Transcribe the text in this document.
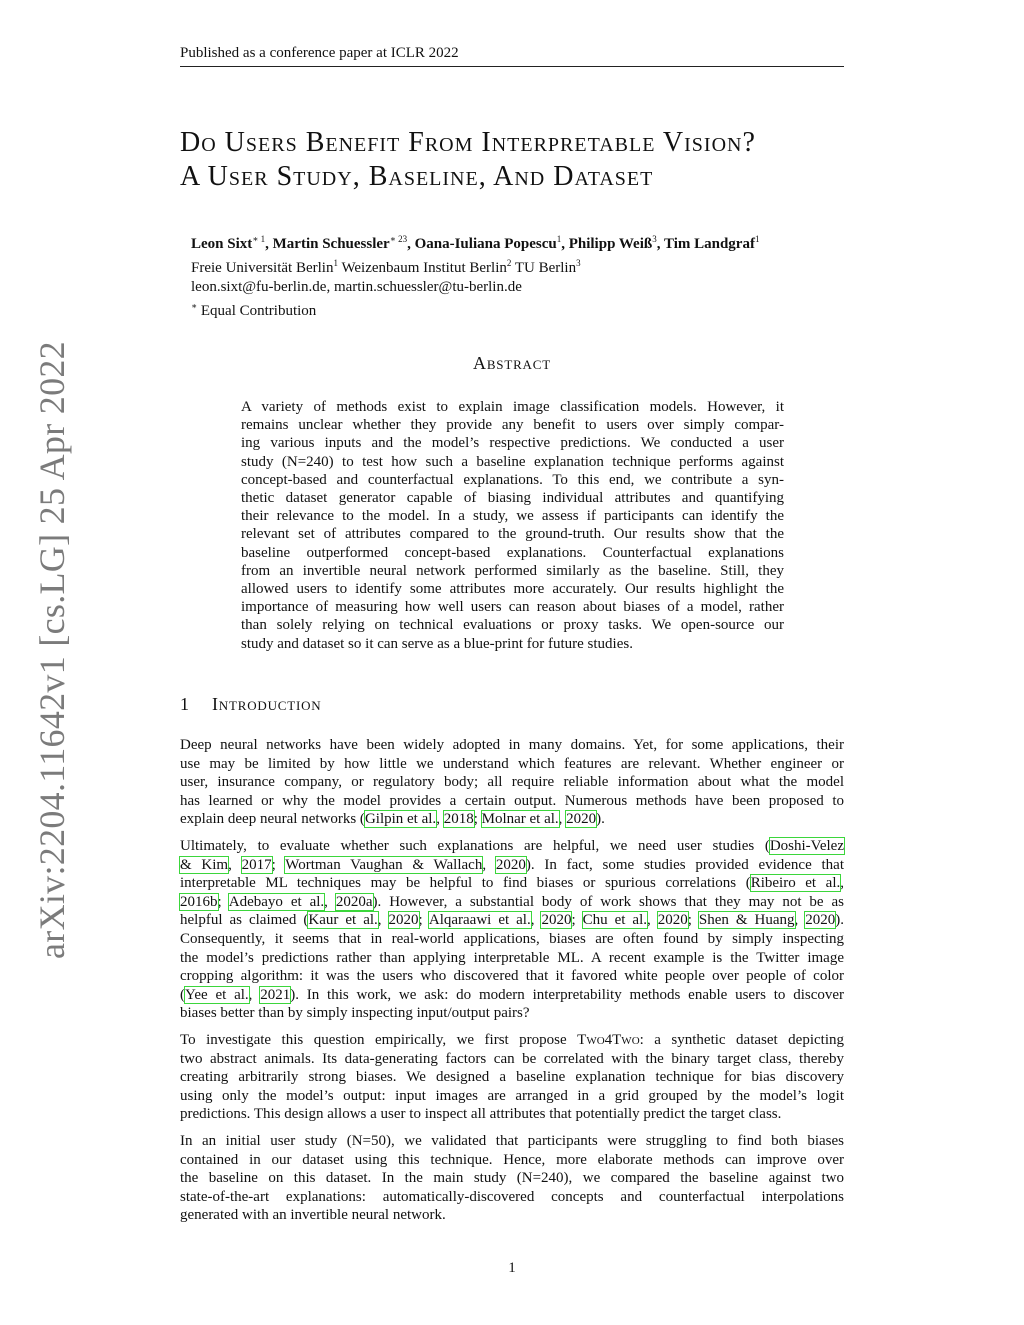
Published as a conference paper at ICLR 2022
arXiv:2204.11642v1 [cs.LG] 25 Apr 2022
Do Users Benefit From Interpretable Vision?
A User Study, Baseline, And Dataset
Leon Sixt$^{∗ 1}$, Martin Schuessler$^{∗ 23}$, Oana-Iuliana Popescu$^1$, Philipp Weiß$^3$, Tim Landgraf$^1$
Freie Universität Berlin$^1$ Weizenbaum Institut Berlin$^2$ TU Berlin$^3$
leon.sixt@fu-berlin.de, martin.schuessler@tu-berlin.de
∗ Equal Contribution
Abstract
A variety of methods exist to explain image classification models. However, it
remains unclear whether they provide any benefit to users over simply compar-
ing various inputs and the model’s respective predictions. We conducted a user
study (N=240) to test how such a baseline explanation technique performs against
concept-based and counterfactual explanations. To this end, we contribute a syn-
thetic dataset generator capable of biasing individual attributes and quantifying
their relevance to the model. In a study, we assess if participants can identify the
relevant set of attributes compared to the ground-truth. Our results show that the
baseline outperformed concept-based explanations. Counterfactual explanations
from an invertible neural network performed similarly as the baseline. Still, they
allowed users to identify some attributes more accurately. Our results highlight the
importance of measuring how well users can reason about biases of a model, rather
than solely relying on technical evaluations or proxy tasks. We open-source our
study and dataset so it can serve as a blue-print for future studies.
1 Introduction
Deep neural networks have been widely adopted in many domains. Yet, for some applications, their
use may be limited by how little we understand which features are relevant. Whether engineer or
user, insurance company, or regulatory body; all require reliable information about what the model
has learned or why the model provides a certain output. Numerous methods have been proposed to
explain deep neural networks (Gilpin et al., 2018; Molnar et al., 2020).
Ultimately, to evaluate whether such explanations are helpful, we need user studies (Doshi-Velez
& Kim, 2017; Wortman Vaughan & Wallach, 2020). In fact, some studies provided evidence that
interpretable ML techniques may be helpful to find biases or spurious correlations (Ribeiro et al.,
2016b; Adebayo et al., 2020a). However, a substantial body of work shows that they may not be as
helpful as claimed (Kaur et al., 2020; Alqaraawi et al., 2020; Chu et al., 2020; Shen & Huang, 2020).
Consequently, it seems that in real-world applications, biases are often found by simply inspecting
the model’s predictions rather than applying interpretable ML. A recent example is the Twitter image
cropping algorithm: it was the users who discovered that it favored white people over people of color
(Yee et al., 2021). In this work, we ask: do modern interpretability methods enable users to discover
biases better than by simply inspecting input/output pairs?
To investigate this question empirically, we first propose Two4Two: a synthetic dataset depicting
two abstract animals. Its data-generating factors can be correlated with the binary target class, thereby
creating arbitrarily strong biases. We designed a baseline explanation technique for bias discovery
using only the model’s output: input images are arranged in a grid grouped by the model’s logit
predictions. This design allows a user to inspect all attributes that potentially predict the target class.
In an initial user study (N=50), we validated that participants were struggling to find both biases
contained in our dataset using this technique. Hence, more elaborate methods can improve over
the baseline on this dataset. In the main study (N=240), we compared the baseline against two
state-of-the-art explanations: automatically-discovered concepts and counterfactual interpolations
generated with an invertible neural network.
1
